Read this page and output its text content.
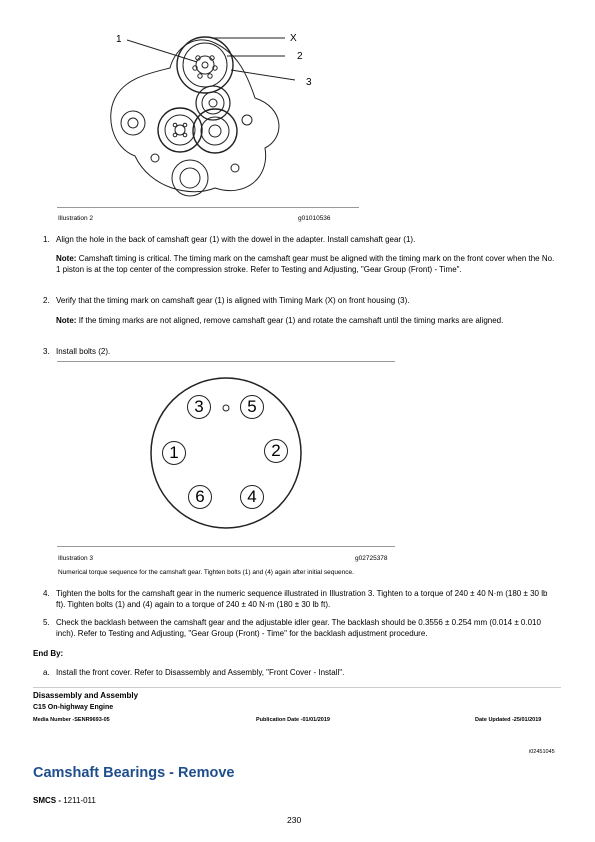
1	X
2
3
Illustration 2	g01010536
1. Align the hole in the back of camshaft gear (1) with the dowel in the adapter. Install camshaft gear (1).
Note: Camshaft timing is critical. The timing mark on the camshaft gear must be aligned with the timing mark on the front cover when the No. 1 piston is at the top center of the compression stroke. Refer to Testing and Adjusting, "Gear Group (Front) - Time".
2. Verify that the timing mark on camshaft gear (1) is aligned with Timing Mark (X) on front housing (3).
Note: If the timing marks are not aligned, remove camshaft gear (1) and rotate the camshaft until the timing marks are aligned.
3. Install bolts (2).
3	5
1	2
6	4
Illustration 3	g02725378
Numerical torque sequence for the camshaft gear. Tighten bolts (1) and (4) again after initial sequence.
4. Tighten the bolts for the camshaft gear in the numeric sequence illustrated in Illustration 3. Tighten to a torque of 240 ± 40 N·m (180 ± 30 lb ft). Tighten bolts (1) and (4) again to a torque of 240 ± 40 N·m (180 ± 30 lb ft).
5. Check the backlash between the camshaft gear and the adjustable idler gear. The backlash should be 0.3556 ± 0.254 mm (0.014 ± 0.010 inch). Refer to Testing and Adjusting, "Gear Group (Front) - Time" for the backlash adjustment procedure.
End By:
a. Install the front cover. Refer to Disassembly and Assembly, "Front Cover - Install".
Disassembly and Assembly
C15 On-highway Engine
Media Number -SENR9693-05	Publication Date -01/01/2019	Date Updated -25/01/2019
i02451045
Camshaft Bearings - Remove
SMCS - 1211-011
230
